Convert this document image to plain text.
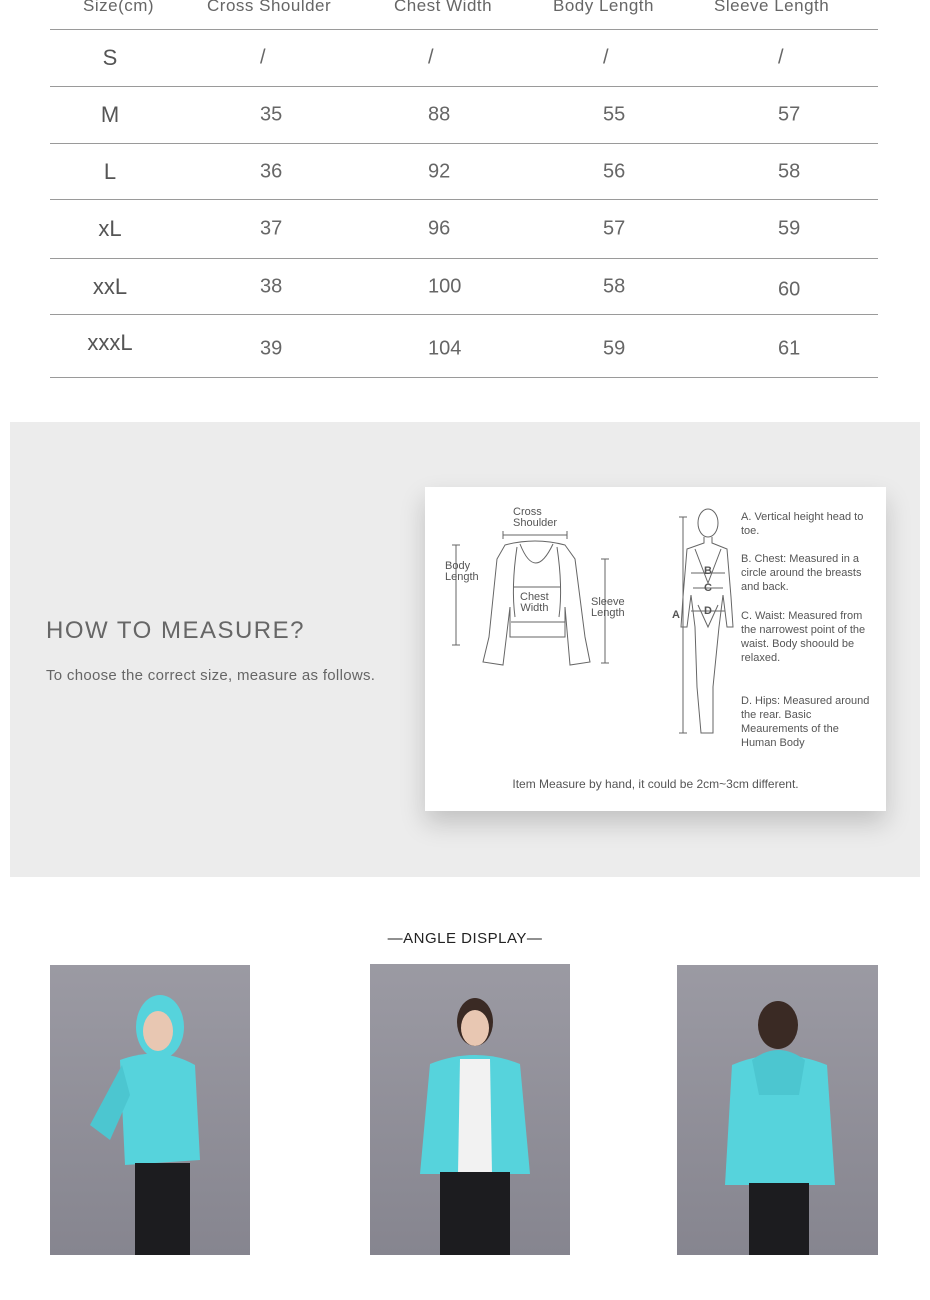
Size(cm)	Cross Shoulder	Chest Width	Body Length	Sleeve Length
S	/	/	/	/
M	35	88	55	57
L	36	92	56	58
xL	37	96	57	59
xxL	38	100	58	60
xxxL	39	104	59	61
HOW TO MEASURE?
To choose the correct size, measure as follows.
Cross
Shoulder
Body
Length
Chest
Width	Sleeve
Length	A
B
C
D
A. Vertical height head to toe.
B. Chest: Measured in a circle around the breasts and back.
C. Waist: Measured from the narrowest point of the waist. Body shoould be relaxed.
D. Hips: Measured around the rear. Basic Meaurements of the Human Body
Item Measure by hand, it could be 2cm~3cm different.
—ANGLE DISPLAY—
